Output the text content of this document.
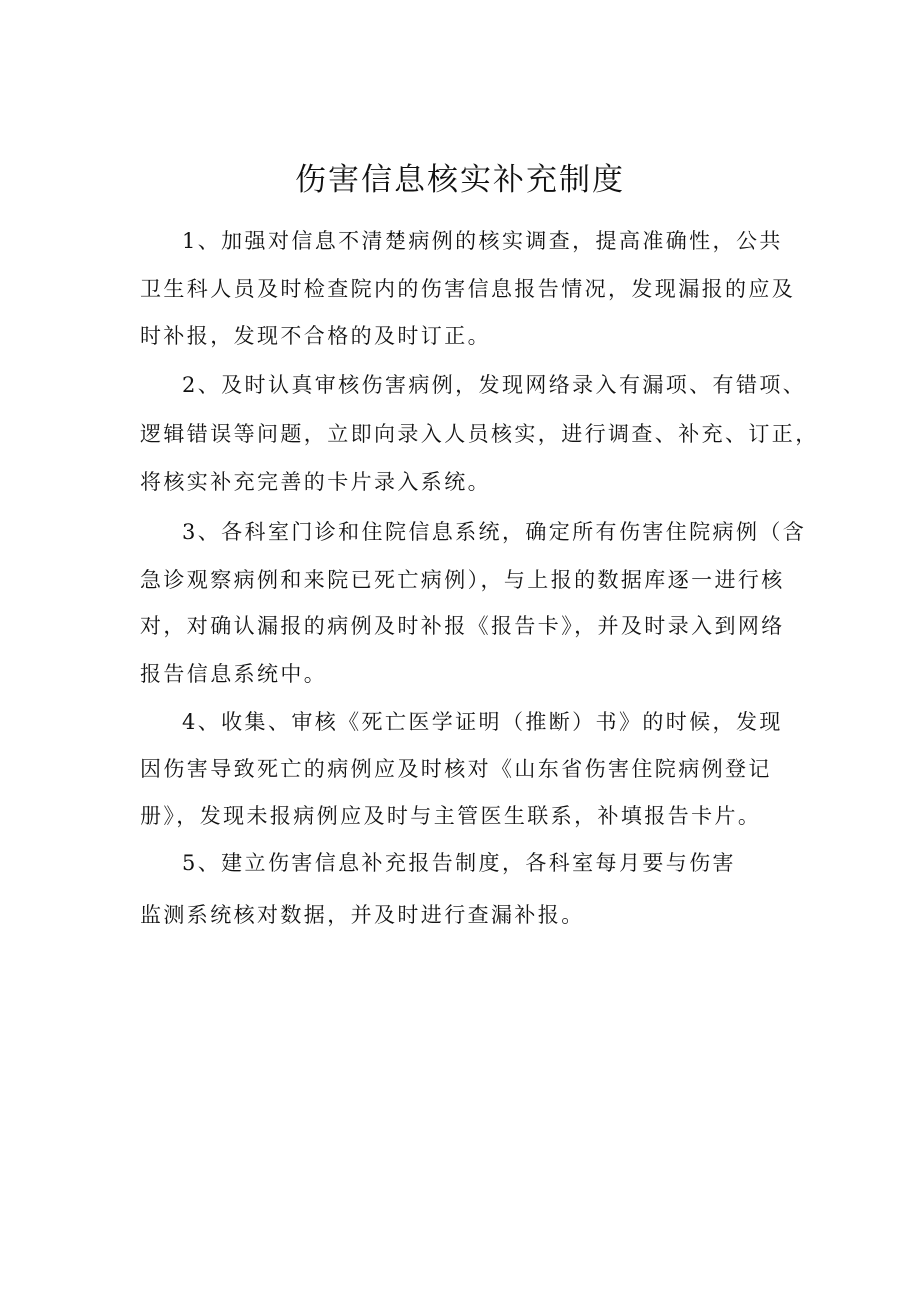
伤害信息核实补充制度
1、加强对信息不清楚病例的核实调查，提高准确性，公共
卫生科人员及时检查院内的伤害信息报告情况，发现漏报的应及
时补报，发现不合格的及时订正。
2、及时认真审核伤害病例，发现网络录入有漏项、有错项、
逻辑错误等问题，立即向录入人员核实，进行调查、补充、订正，
将核实补充完善的卡片录入系统。
3、各科室门诊和住院信息系统，确定所有伤害住院病例（含
急诊观察病例和来院已死亡病例），与上报的数据库逐一进行核
对，对确认漏报的病例及时补报《报告卡》，并及时录入到网络
报告信息系统中。
4、收集、审核《死亡医学证明（推断）书》的时候，发现
因伤害导致死亡的病例应及时核对《山东省伤害住院病例登记
册》，发现未报病例应及时与主管医生联系，补填报告卡片。
5、建立伤害信息补充报告制度，各科室每月要与伤害
监测系统核对数据，并及时进行查漏补报。
